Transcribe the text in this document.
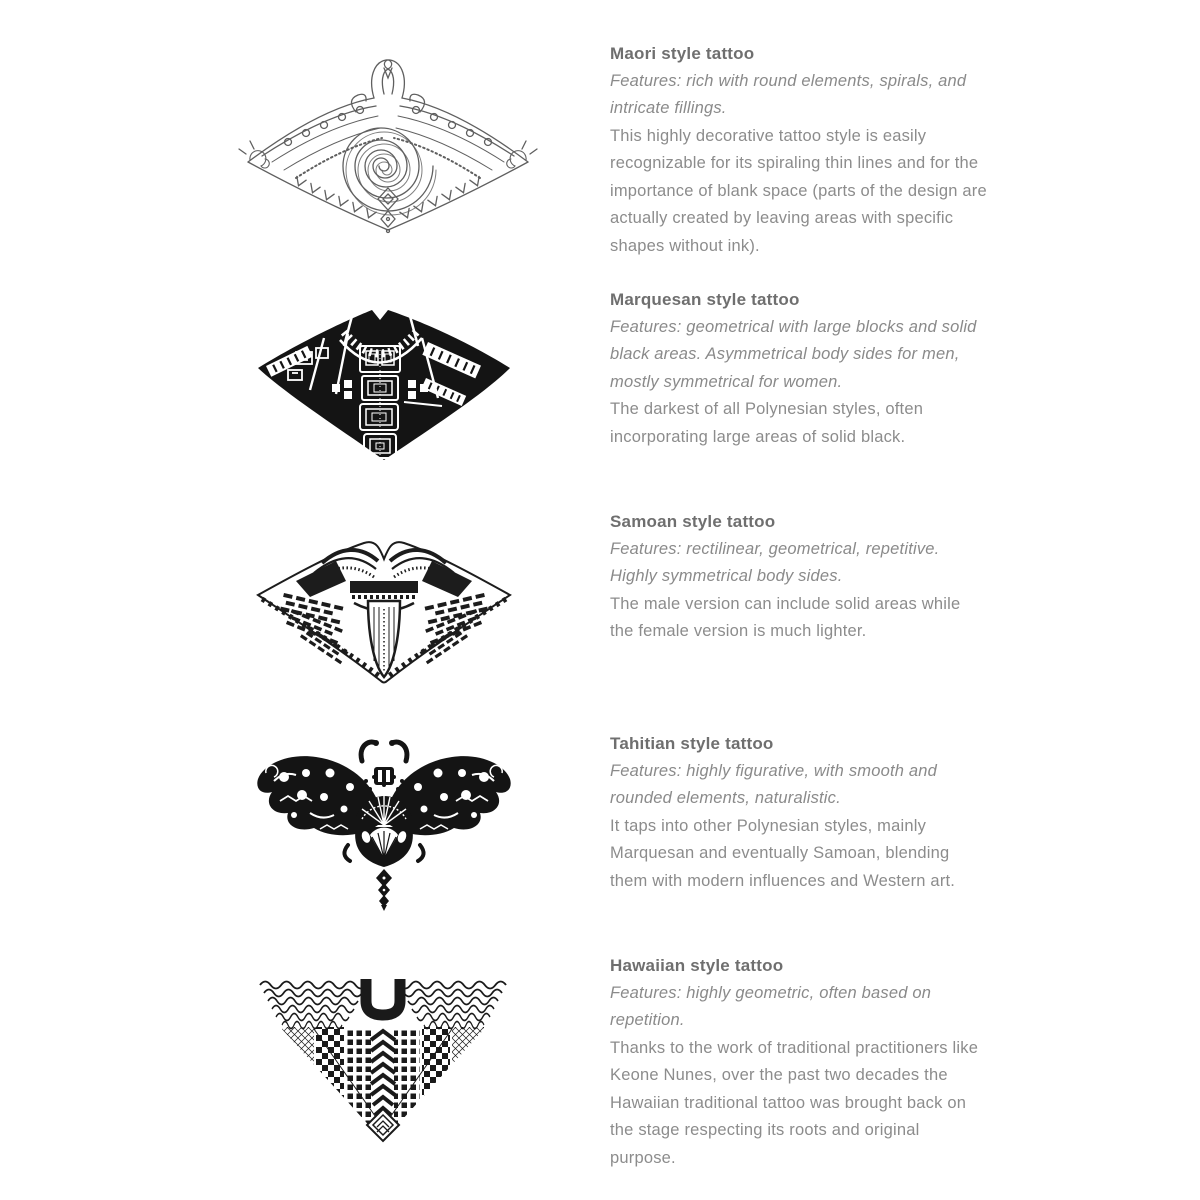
Maori style tattoo

Features: rich with round elements, spirals, and intricate fillings.

This highly decorative tattoo style is easily recognizable for its spiraling thin lines and for the importance of blank space (parts of the design are actually created by leaving areas with specific shapes without ink).

Marquesan style tattoo

Features: geometrical with large blocks and solid black areas. Asymmetrical body sides for men, mostly symmetrical for women.

The darkest of all Polynesian styles, often incorporating large areas of solid black.

Samoan style tattoo

Features: rectilinear, geometrical, repetitive. Highly symmetrical body sides.

The male version can include solid areas while the female version is much lighter.

Tahitian style tattoo

Features: highly figurative, with smooth and rounded elements, naturalistic.

It taps into other Polynesian styles, mainly Marquesan and eventually Samoan, blending them with modern influences and Western art.

Hawaiian style tattoo

Features: highly geometric, often based on repetition.

Thanks to the work of traditional practitioners like Keone Nunes, over the past two decades the Hawaiian traditional tattoo was brought back on the stage respecting its roots and original purpose.
